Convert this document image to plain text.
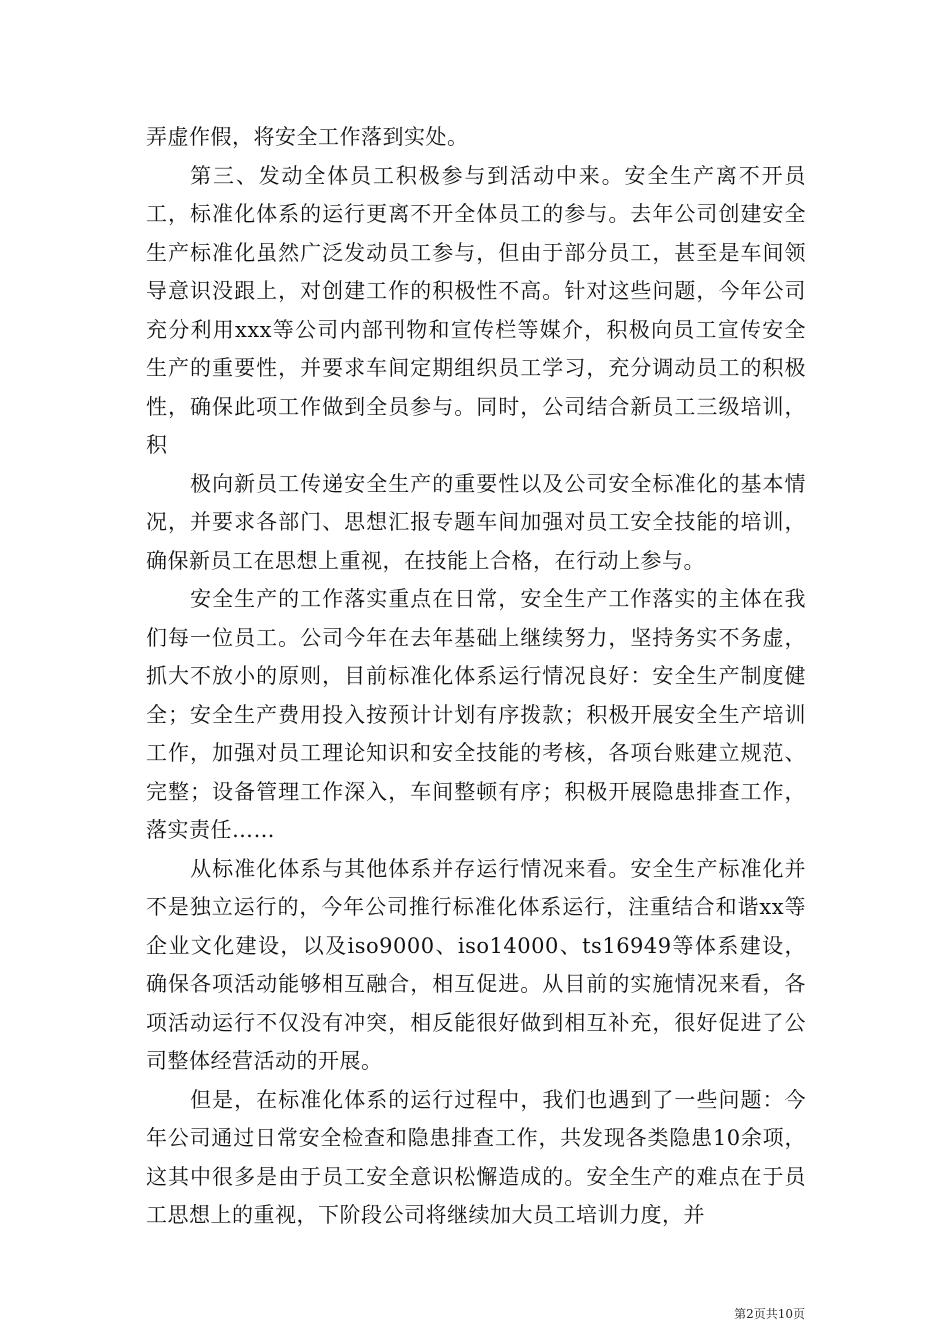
弄虚作假，将安全工作落到实处。

第三、发动全体员工积极参与到活动中来。安全生产离不开员工，标准化体系的运行更离不开全体员工的参与。去年公司创建安全生产标准化虽然广泛发动员工参与，但由于部分员工，甚至是车间领导意识没跟上，对创建工作的积极性不高。针对这些问题，今年公司充分利用xxx等公司内部刊物和宣传栏等媒介，积极向员工宣传安全生产的重要性，并要求车间定期组织员工学习，充分调动员工的积极性，确保此项工作做到全员参与。同时，公司结合新员工三级培训，积

极向新员工传递安全生产的重要性以及公司安全标准化的基本情况，并要求各部门、思想汇报专题车间加强对员工安全技能的培训，确保新员工在思想上重视，在技能上合格，在行动上参与。

安全生产的工作落实重点在日常，安全生产工作落实的主体在我们每一位员工。公司今年在去年基础上继续努力，坚持务实不务虚，抓大不放小的原则，目前标准化体系运行情况良好：安全生产制度健全；安全生产费用投入按预计计划有序拨款；积极开展安全生产培训工作，加强对员工理论知识和安全技能的考核，各项台账建立规范、完整；设备管理工作深入，车间整顿有序；积极开展隐患排查工作，落实责任……

从标准化体系与其他体系并存运行情况来看。安全生产标准化并不是独立运行的，今年公司推行标准化体系运行，注重结合和谐xx等企业文化建设，以及iso9000、iso14000、ts16949等体系建设，确保各项活动能够相互融合，相互促进。从目前的实施情况来看，各项活动运行不仅没有冲突，相反能很好做到相互补充，很好促进了公司整体经营活动的开展。

但是，在标准化体系的运行过程中，我们也遇到了一些问题：今年公司通过日常安全检查和隐患排查工作，共发现各类隐患10余项，这其中很多是由于员工安全意识松懈造成的。安全生产的难点在于员工思想上的重视，下阶段公司将继续加大员工培训力度，并

第2页共10页
